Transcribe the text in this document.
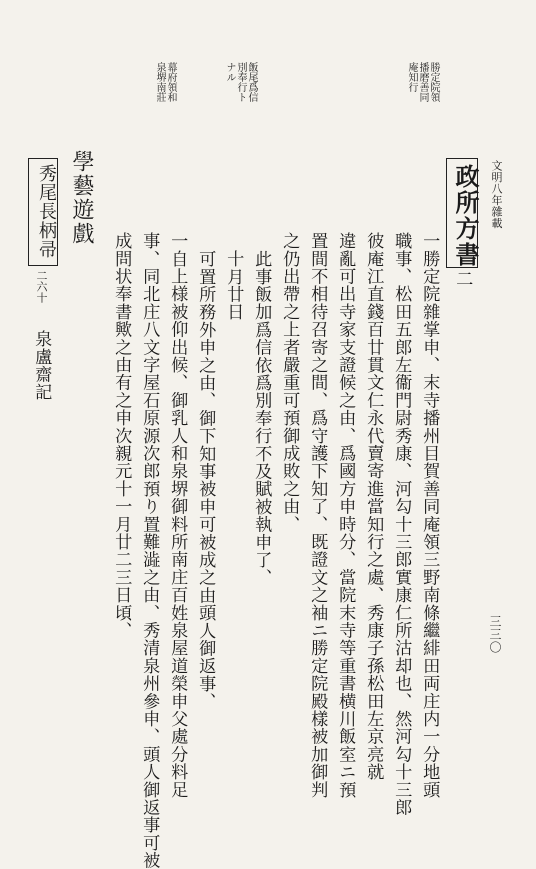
文明八年雜載
三三〇
勝定院領
播磨善同
庵知行
幕府領和
泉堺南莊	飯尾爲信
別奉行ト
ナル
政所方書
二
一勝定院雜掌申、末寺播州目賀善同庵領三野南條繼緋田両庄内一分地頭
職事、松田五郎左衞門尉秀康、河勾十三郎實康仁所沽却也、然河勾十三郎
彼庵江直錢百廿貫文仁永代賣寄進當知行之處、秀康子孫松田左京亮就
違亂可出寺家支證候之由、爲國方申時分、當院末寺等重書横川飯室ニ預
置間不相待召寄之間、爲守護下知了、既證文之袖ニ勝定院殿樣被加御判
之仍出帶之上者嚴重可預御成敗之由、
此事飯加爲信依爲別奉行不及賦被執申了、
十月廿日
可置所務外申之由、御下知事被申可被成之由頭人御返事、
一自上様被仰出候、御乳人和泉堺御料所南庄百姓泉屋道榮申父處分料足
事、同北庄八文字屋石原源次郎預り置難澁之由、秀清泉州參申、頭人御返事可被
成問状奉書歟之由有之申次親元十一月廿二三日頃、
學藝遊戲
秀尾長柄帚
二六十
泉盧齋記
